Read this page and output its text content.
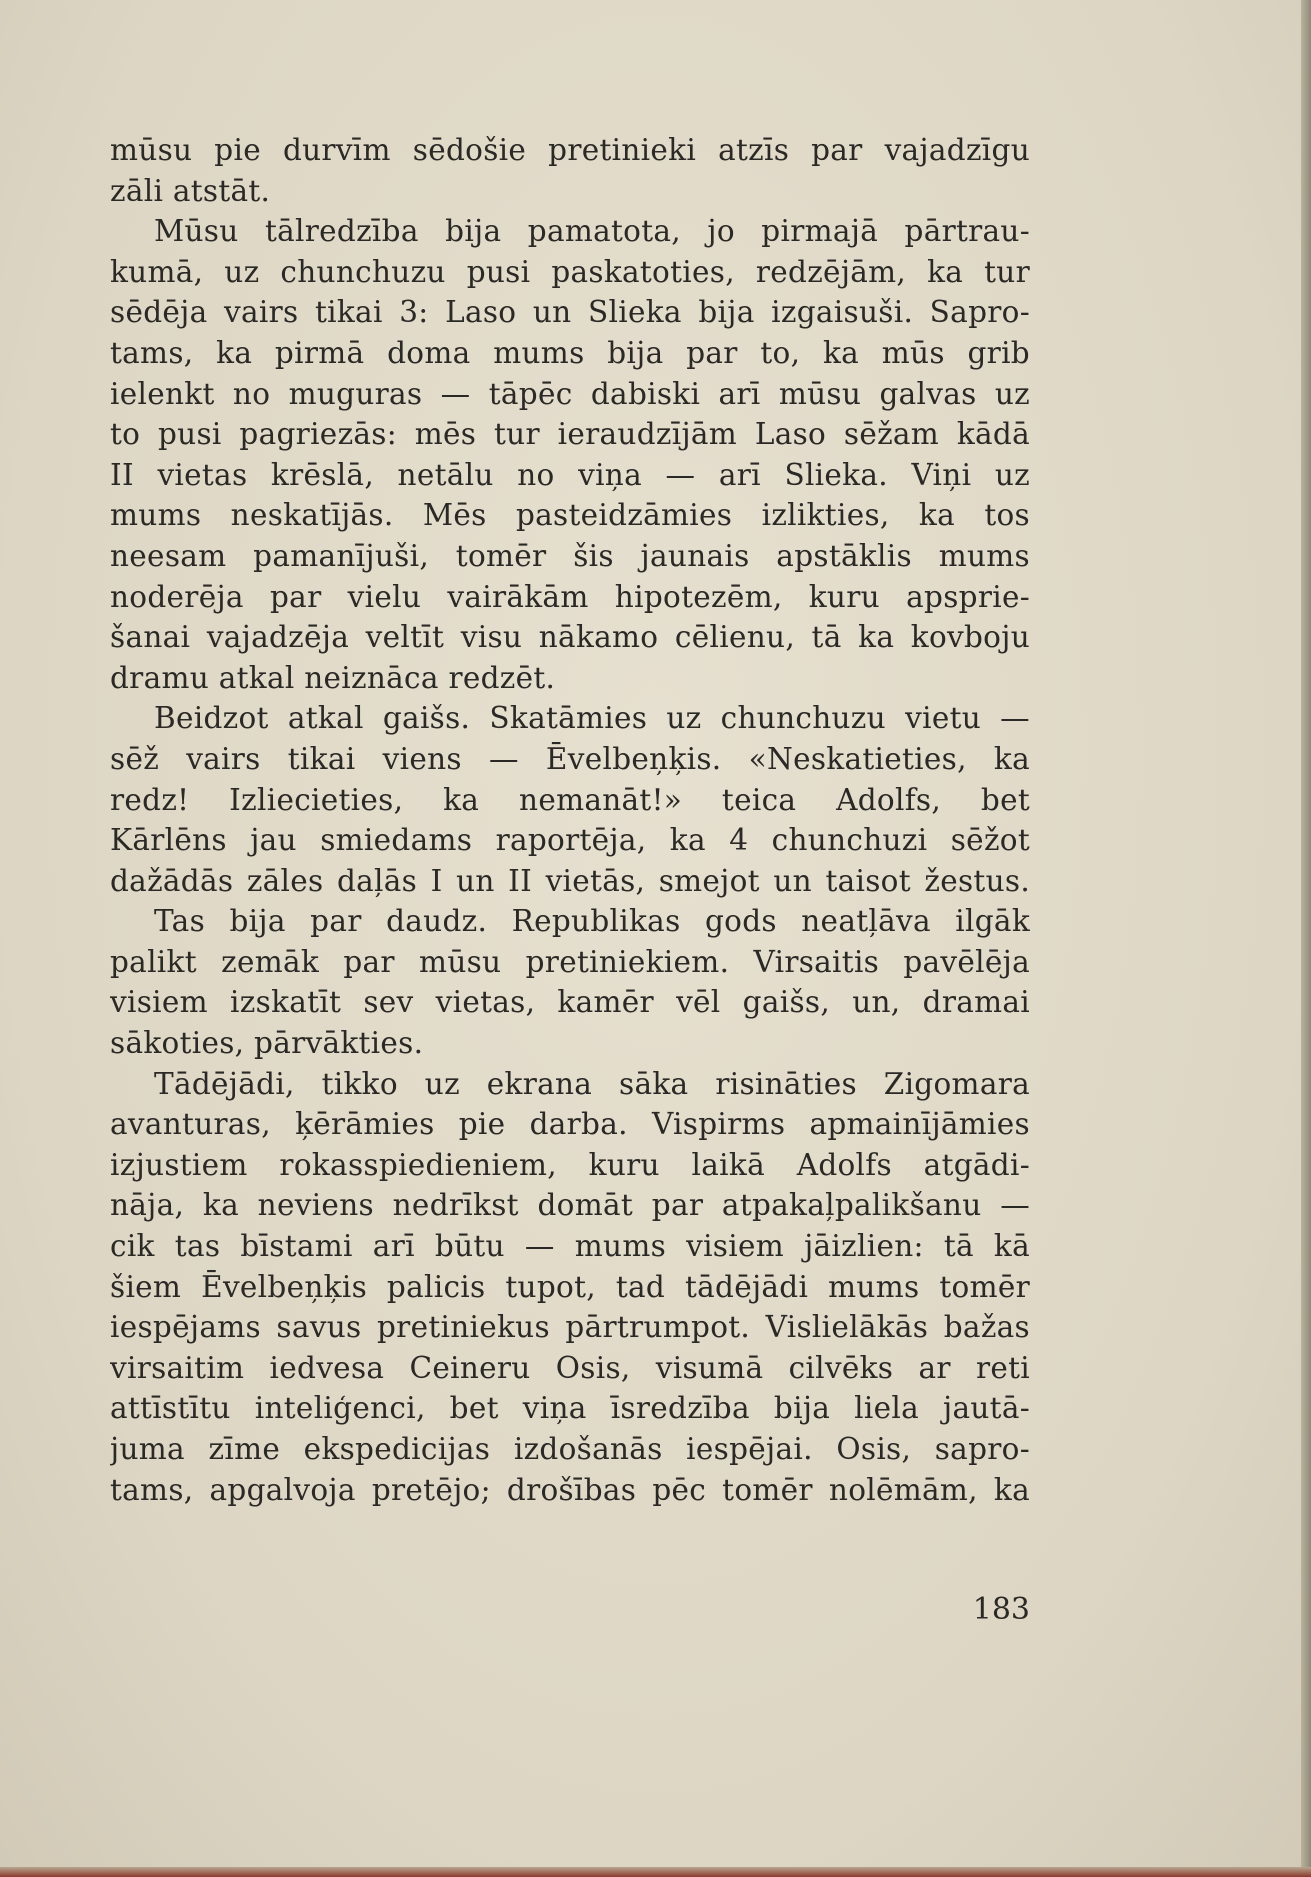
mūsu pie durvīm sēdošie pretinieki atzīs par vajadzīgu
zāli atstāt.
Mūsu tālredzība bija pamatota, jo pirmajā pārtrau-
kumā, uz chunchuzu pusi paskatoties, redzējām, ka tur
sēdēja vairs tikai 3: Laso un Slieka bija izgaisuši. Sapro-
tams, ka pirmā doma mums bija par to, ka mūs grib
ielenkt no muguras — tāpēc dabiski arī mūsu galvas uz
to pusi pagriezās: mēs tur ieraudzījām Laso sēžam kādā
II vietas krēslā, netālu no viņa — arī Slieka. Viņi uz
mums neskatījās. Mēs pasteidzāmies izlikties, ka tos
neesam pamanījuši, tomēr šis jaunais apstāklis mums
noderēja par vielu vairākām hipotezēm, kuru apsprie-
šanai vajadzēja veltīt visu nākamo cēlienu, tā ka kovboju
dramu atkal neiznāca redzēt.
Beidzot atkal gaišs. Skatāmies uz chunchuzu vietu —
sēž vairs tikai viens — Ēvelbeņķis. «Neskatieties, ka
redz! Izliecieties, ka nemanāt!» teica Adolfs, bet
Kārlēns jau smiedams raportēja, ka 4 chunchuzi sēžot
dažādās zāles daļās I un II vietās, smejot un taisot žestus.
Tas bija par daudz. Republikas gods neatļāva ilgāk
palikt zemāk par mūsu pretiniekiem. Virsaitis pavēlēja
visiem izskatīt sev vietas, kamēr vēl gaišs, un, dramai
sākoties, pārvākties.
Tādējādi, tikko uz ekrana sāka risināties Zigomara
avanturas, ķērāmies pie darba. Vispirms apmainījāmies
izjustiem rokasspiedieniem, kuru laikā Adolfs atgādi-
nāja, ka neviens nedrīkst domāt par atpakaļpalikšanu —
cik tas bīstami arī būtu — mums visiem jāizlien: tā kā
šiem Ēvelbeņķis palicis tupot, tad tādējādi mums tomēr
iespējams savus pretiniekus pārtrumpot. Vislielākās bažas
virsaitim iedvesa Ceineru Osis, visumā cilvēks ar reti
attīstītu inteliģenci, bet viņa īsredzība bija liela jautā-
juma zīme ekspedicijas izdošanās iespējai. Osis, sapro-
tams, apgalvoja pretējo; drošības pēc tomēr nolēmām, ka
183
